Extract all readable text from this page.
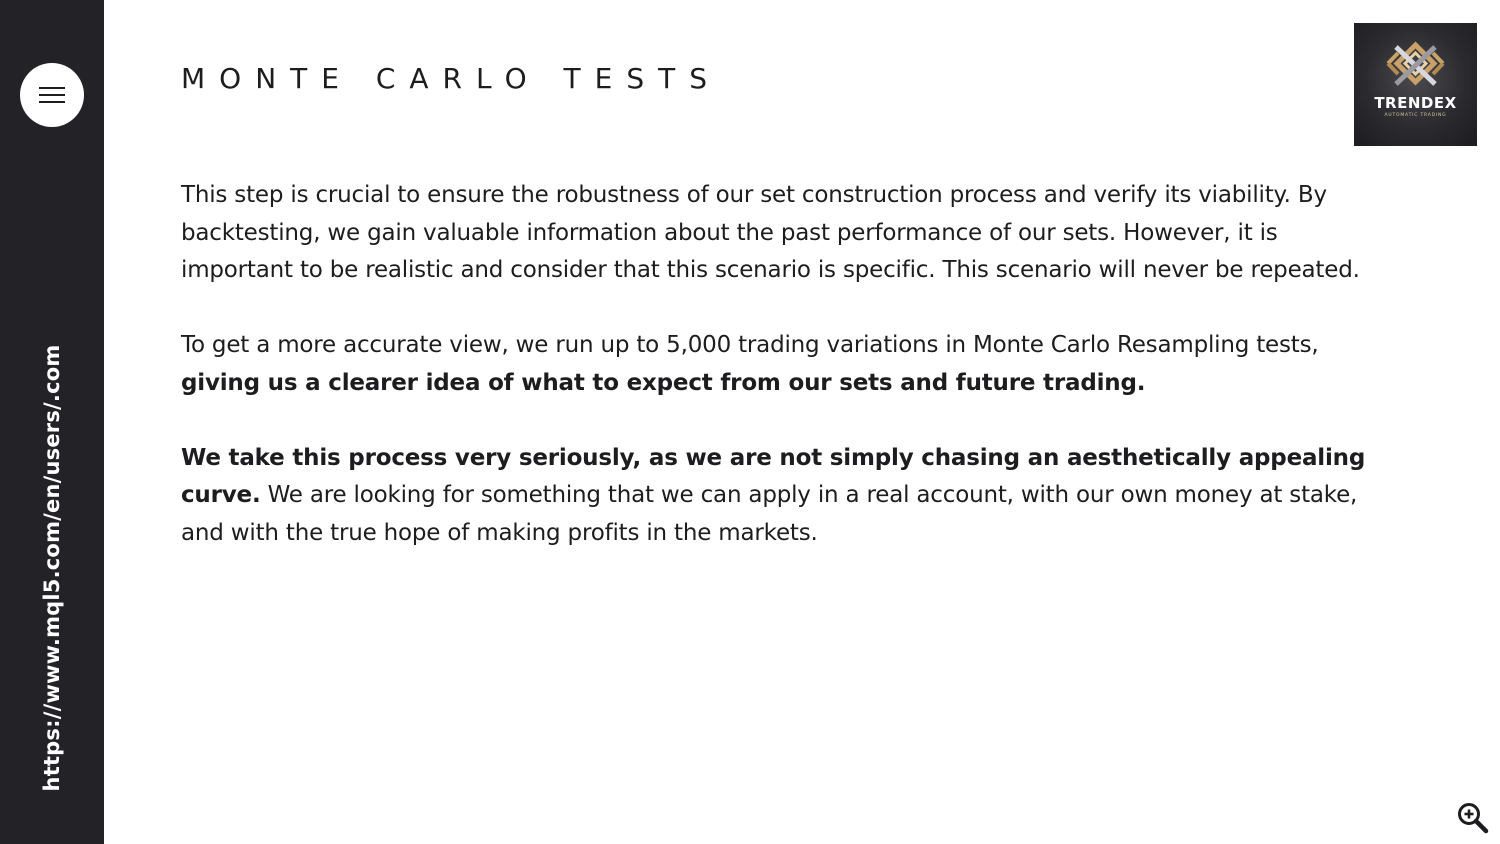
https://www.mql5.com/en/users/.com
MONTE CARLO TESTS
TRENDEX
AUTOMATIC TRADING

This step is crucial to ensure the robustness of our set construction process and verify its viability. By backtesting, we gain valuable information about the past performance of our sets. However, it is important to be realistic and consider that this scenario is specific. This scenario will never be repeated.

To get a more accurate view, we run up to 5,000 trading variations in Monte Carlo Resampling tests, giving us a clearer idea of what to expect from our sets and future trading.

We take this process very seriously, as we are not simply chasing an aesthetically appealing curve. We are looking for something that we can apply in a real account, with our own money at stake, and with the true hope of making profits in the markets.
